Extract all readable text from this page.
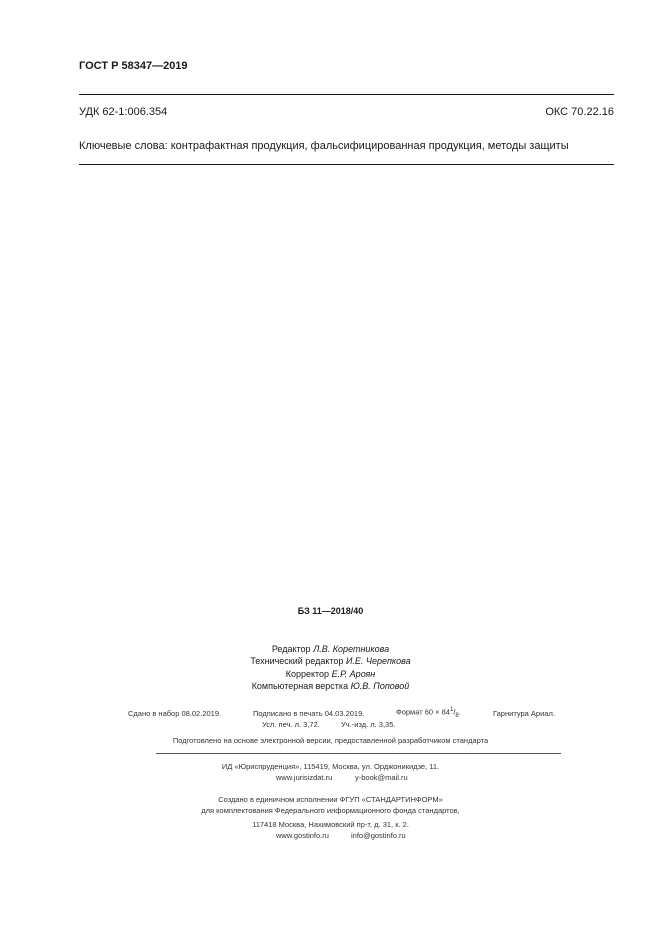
ГОСТ Р 58347—2019
УДК 62-1:006.354	ОКС 70.22.16
Ключевые слова: контрафактная продукция, фальсифицированная продукция, методы защиты
БЗ 11—2018/40
Редактор Л.В. Коретникова
Технический редактор И.Е. Черепкова
Корректор Е.Р. Ароян
Компьютерная верстка Ю.В. Поповой
Сдано в набор 08.02.2019.	Подписано в печать 04.03.2019.	Формат $60 \times 84^1/_8$.	Гарнитура Ариал.
Усл. печ. л. 3,72.	Уч.-изд. л. 3,35.
Подготовлено на основе электронной версии, предоставленной разработчиком стандарта
ИД «Юриспруденция», 115419, Москва, ул. Орджоникидзе, 11.
www.jurisizdat.ru	y-book@mail.ru
Создано в единичном исполнении ФГУП «СТАНДАРТИНФОРМ»
для комплектования Федерального информационного фонда стандартов,
117418 Москва, Нахимовский пр-т, д. 31, к. 2.
www.gostinfo.ru	info@gostinfo.ru
